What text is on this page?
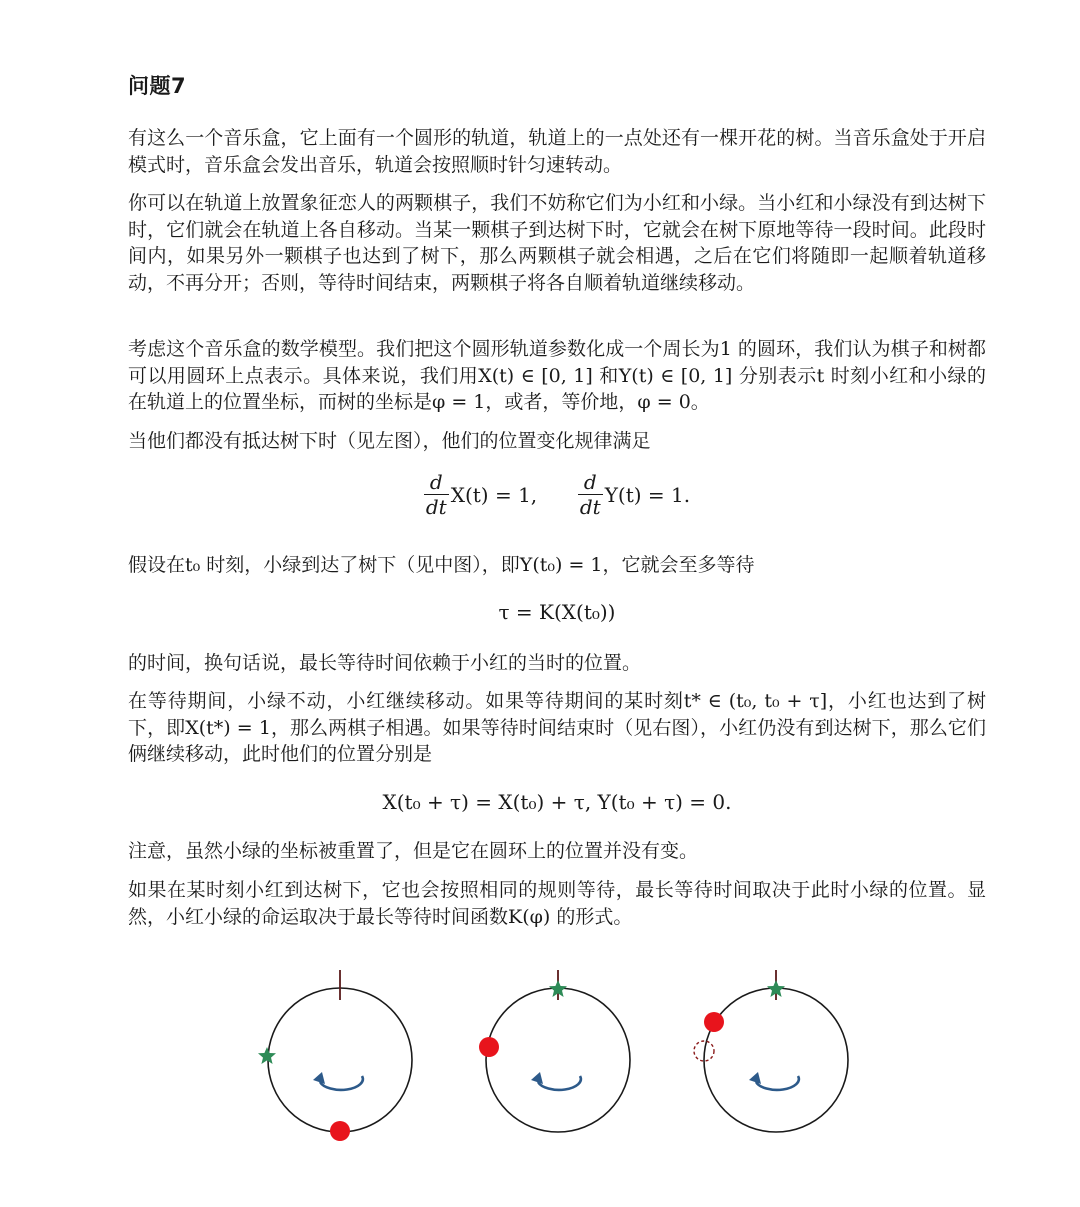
问题7

有这么一个音乐盒，它上面有一个圆形的轨道，轨道上的一点处还有一棵开花的树。当音乐盒处于开启模式时，音乐盒会发出音乐，轨道会按照顺时针匀速转动。

你可以在轨道上放置象征恋人的两颗棋子，我们不妨称它们为小红和小绿。当小红和小绿没有到达树下时，它们就会在轨道上各自移动。当某一颗棋子到达树下时，它就会在树下原地等待一段时间。此段时间内，如果另外一颗棋子也达到了树下，那么两颗棋子就会相遇，之后在它们将随即一起顺着轨道移动，不再分开；否则，等待时间结束，两颗棋子将各自顺着轨道继续移动。

考虑这个音乐盒的数学模型。我们把这个圆形轨道参数化成一个周长为1 的圆环，我们认为棋子和树都可以用圆环上点表示。具体来说，我们用X(t) ∈ [0, 1] 和Y(t) ∈ [0, 1] 分别表示t 时刻小红和小绿的在轨道上的位置坐标，而树的坐标是φ = 1，或者，等价地，φ = 0。

当他们都没有抵达树下时（见左图），他们的位置变化规律满足

$\frac{d}{dt} X(t) = 1$, $\frac{d}{dt} Y(t) = 1$.

假设在t₀ 时刻，小绿到达了树下（见中图），即Y(t₀) = 1，它就会至多等待

τ = K(X(t₀))

的时间，换句话说，最长等待时间依赖于小红的当时的位置。

在等待期间，小绿不动，小红继续移动。如果等待期间的某时刻t* ∈ (t₀, t₀ + τ]，小红也达到了树下，即X(t*) = 1，那么两棋子相遇。如果等待时间结束时（见右图），小红仍没有到达树下，那么它们俩继续移动，此时他们的位置分别是

X(t₀ + τ) = X(t₀) + τ, Y(t₀ + τ) = 0.

注意，虽然小绿的坐标被重置了，但是它在圆环上的位置并没有变。

如果在某时刻小红到达树下，它也会按照相同的规则等待，最长等待时间取决于此时小绿的位置。显然，小红小绿的命运取决于最长等待时间函数K(φ) 的形式。
